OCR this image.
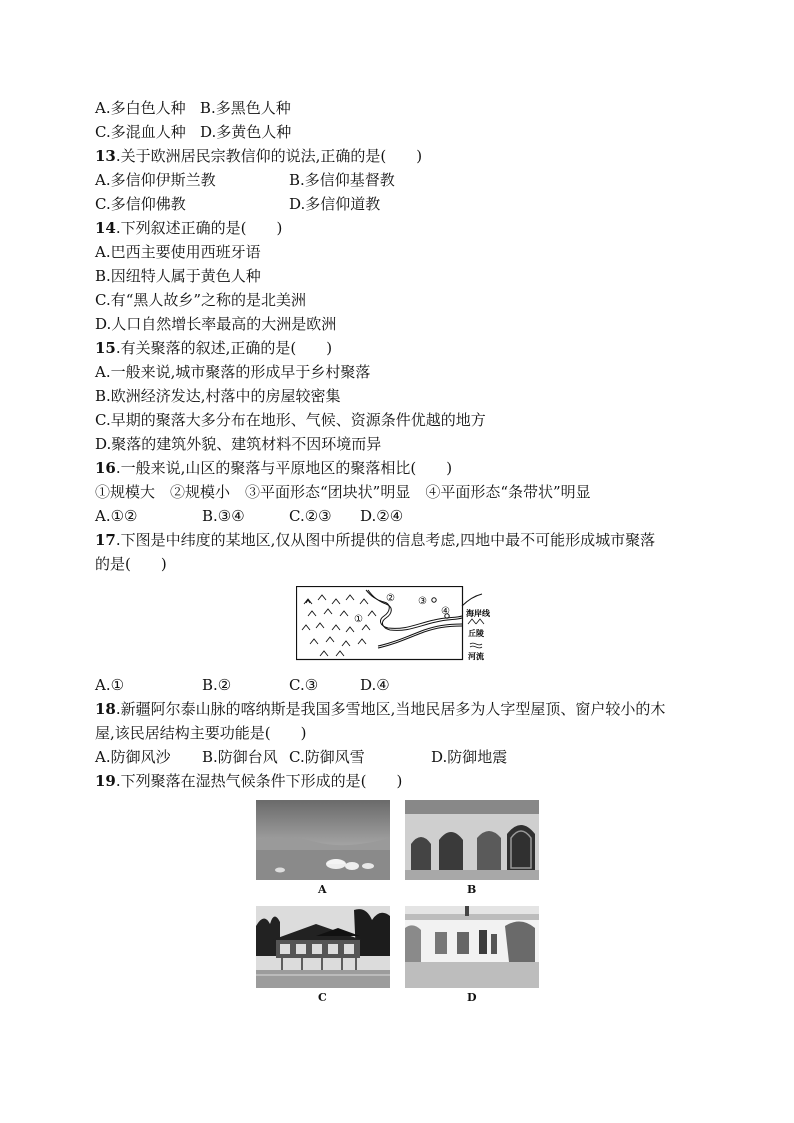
A.多白色人种 B.多黑色人种
C.多混血人种 D.多黄色人种
13.关于欧洲居民宗教信仰的说法,正确的是(　　)
A.多信仰伊斯兰教	B.多信仰基督教
C.多信仰佛教	D.多信仰道教
14.下列叙述正确的是(　　)
A.巴西主要使用西班牙语
B.因纽特人属于黄色人种
C.有“黑人故乡”之称的是北美洲
D.人口自然增长率最高的大洲是欧洲
15.有关聚落的叙述,正确的是(　　)
A.一般来说,城市聚落的形成早于乡村聚落
B.欧洲经济发达,村落中的房屋较密集
C.早期的聚落大多分布在地形、气候、资源条件优越的地方
D.聚落的建筑外貌、建筑材料不因环境而异
16.一般来说,山区的聚落与平原地区的聚落相比(　　)
①规模大　②规模小　③平面形态“团块状”明显　④平面形态“条带状”明显
A.①②	B.③④	C.②③ D.②④
17.下图是中纬度的某地区,仅从图中所提供的信息考虑,四地中最不可能形成城市聚落
的是(　　)
①
② ③
④ 海岸线
丘陵
河流
A.①	B.②	C.③	D.④
18.新疆阿尔泰山脉的喀纳斯是我国多雪地区,当地民居多为人字型屋顶、窗户较小的木
屋,该民居结构主要功能是(　　)
A.防御风沙 B.防御台风 C.防御风雪	D.防御地震
19.下列聚落在湿热气候条件下形成的是(　　)
A	B
C	D
